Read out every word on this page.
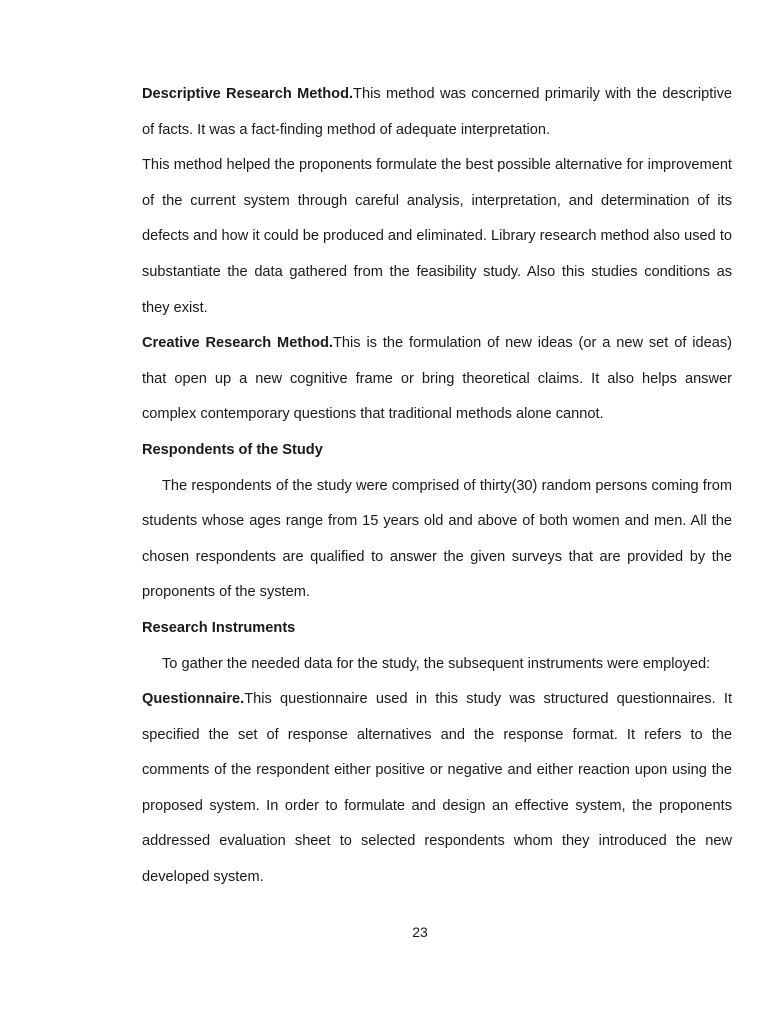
Descriptive Research Method.This method was concerned primarily with the descriptive of facts. It was a fact-finding method of adequate interpretation.

This method helped the proponents formulate the best possible alternative for improvement of the current system through careful analysis, interpretation, and determination of its defects and how it could be produced and eliminated. Library research method also used to substantiate the data gathered from the feasibility study. Also this studies conditions as they exist.

Creative Research Method.This is the formulation of new ideas (or a new set of ideas) that open up a new cognitive frame or bring theoretical claims. It also helps answer complex contemporary questions that traditional methods alone cannot.

Respondents of the Study

The respondents of the study were comprised of thirty(30) random persons coming from students whose ages range from 15 years old and above of both women and men. All the chosen respondents are qualified to answer the given surveys that are provided by the proponents of the system.

Research Instruments

To gather the needed data for the study, the subsequent instruments were employed:

Questionnaire.This questionnaire used in this study was structured questionnaires. It specified the set of response alternatives and the response format. It refers to the comments of the respondent either positive or negative and either reaction upon using the proposed system. In order to formulate and design an effective system, the proponents addressed evaluation sheet to selected respondents whom they introduced the new developed system.

23
